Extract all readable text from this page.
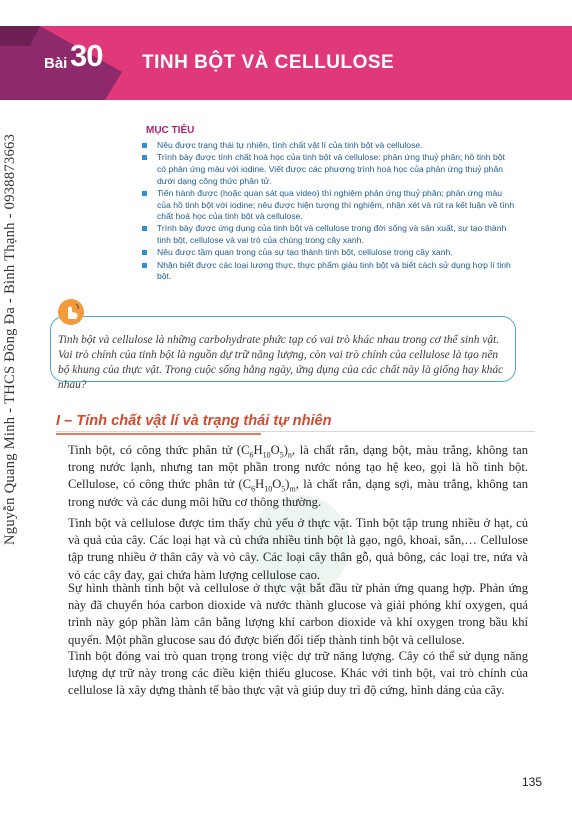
Bài 30 TINH BỘT VÀ CELLULOSE
Nguyễn Quang Minh - THCS Đồng Đa - Bình Thạnh - 0938873663
MỤC TIÊU
Nêu được trạng thái tự nhiên, tính chất vật lí của tinh bột và cellulose.
Trình bày được tính chất hoá học của tinh bột và cellulose: phản ứng thuỷ phân; hồ tinh bột có phản ứng màu với iodine. Viết được các phương trình hoá học của phản ứng thuỷ phân dưới dạng công thức phân tử.
Tiến hành được (hoặc quan sát qua video) thí nghiệm phản ứng thuỷ phân; phản ứng màu của hồ tinh bột với iodine; nêu được hiện tượng thí nghiệm, nhận xét và rút ra kết luận về tính chất hoá học của tinh bột và cellulose.
Trình bày được ứng dụng của tinh bột và cellulose trong đời sống và sản xuất, sự tạo thành tinh bột, cellulose và vai trò của chúng trong cây xanh.
Nêu được tầm quan trọng của sự tạo thành tinh bột, cellulose trong cây xanh.
Nhận biết được các loại lương thực, thực phẩm giàu tinh bột và biết cách sử dụng hợp lí tinh bột.

Tinh bột và cellulose là những carbohydrate phức tạp có vai trò khác nhau trong cơ thể sinh vật. Vai trò chính của tinh bột là nguồn dự trữ năng lượng, còn vai trò chính của cellulose là tạo nên bộ khung của thực vật. Trong cuộc sống hằng ngày, ứng dụng của các chất này là giống hay khác nhau?

I – Tính chất vật lí và trạng thái tự nhiên

Tinh bột, có công thức phân tử $(C_6H_{10}O_5)_n$, là chất rắn, dạng bột, màu trắng, không tan trong nước lạnh, nhưng tan một phần trong nước nóng tạo hệ keo, gọi là hồ tinh bột. Cellulose, có công thức phân tử $(C_6H_{10}O_5)_m$, là chất rắn, dạng sợi, màu trắng, không tan trong nước và các dung môi hữu cơ thông thường.

Tinh bột và cellulose được tìm thấy chủ yếu ở thực vật. Tinh bột tập trung nhiều ở hạt, củ và quả của cây. Các loại hạt và củ chứa nhiều tinh bột là gạo, ngô, khoai, sắn,… Cellulose tập trung nhiều ở thân cây và vỏ cây. Các loại cây thân gỗ, quả bông, các loại tre, nứa và vỏ các cây đay, gai chứa hàm lượng cellulose cao.

Sự hình thành tinh bột và cellulose ở thực vật bắt đầu từ phản ứng quang hợp. Phản ứng này đã chuyển hóa carbon dioxide và nước thành glucose và giải phóng khí oxygen, quá trình này góp phần làm cân bằng lượng khí carbon dioxide và khí oxygen trong bầu khí quyển. Một phần glucose sau đó được biến đổi tiếp thành tinh bột và cellulose.

Tinh bột đóng vai trò quan trọng trong việc dự trữ năng lượng. Cây có thể sử dụng năng lượng dự trữ này trong các điều kiện thiếu glucose. Khác với tinh bột, vai trò chính của cellulose là xây dựng thành tế bào thực vật và giúp duy trì độ cứng, hình dáng của cây.

135
